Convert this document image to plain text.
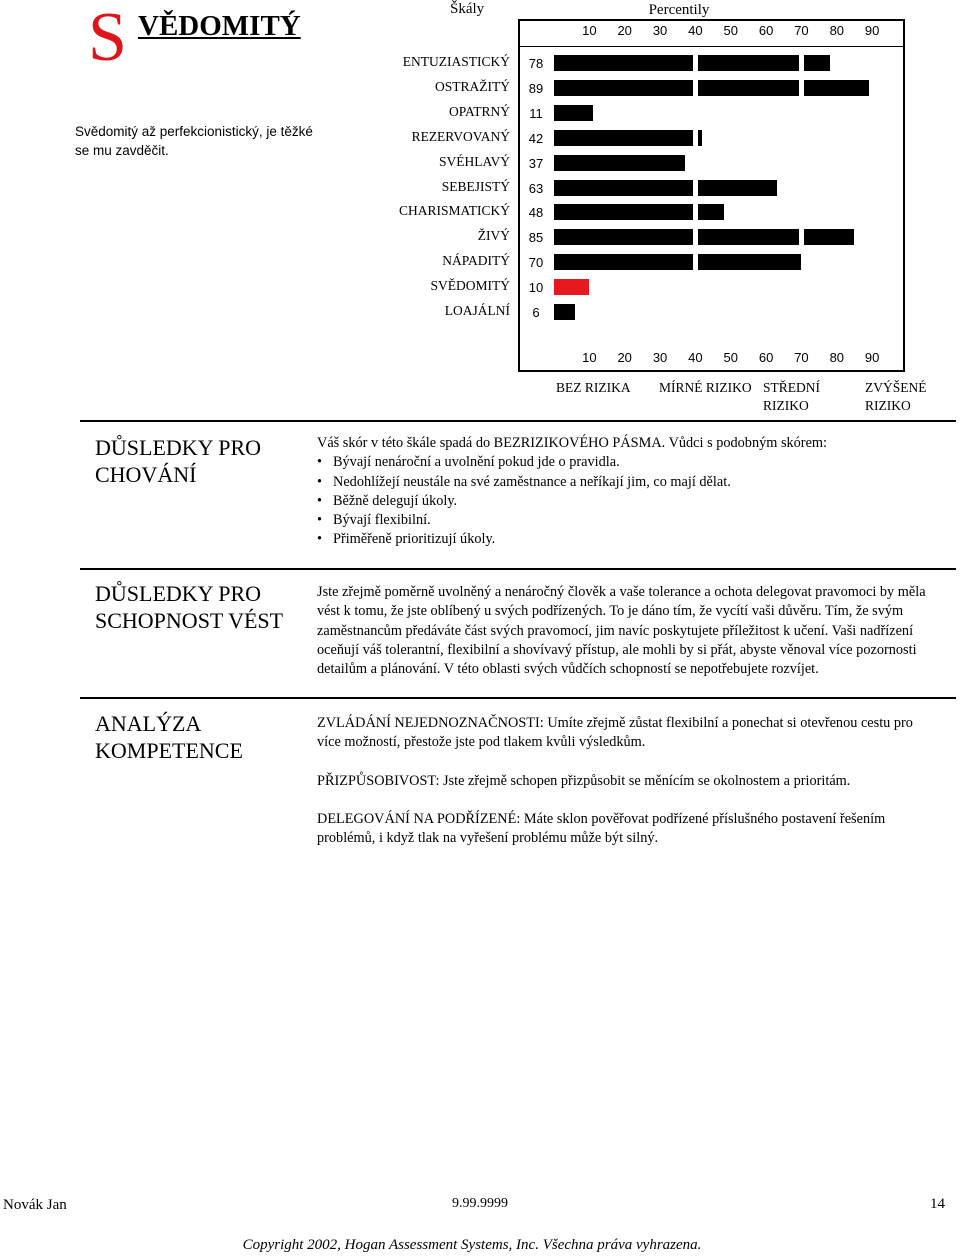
S VĚDOMITÝ
Svědomitý až perfekcionistický, je těžké se mu zavděčit.
Škály	Percentily
10	20	30	40	50	60	70	80	90
10	20	30	40	50	60	70	80	90
ENTUZIASTICKÝ	78
OSTRAŽITÝ	89
OPATRNÝ	11
REZERVOVANÝ	42
SVÉHLAVÝ	37
SEBEJISTÝ	63
CHARISMATICKÝ	48
ŽIVÝ	85
NÁPADITÝ	70
SVĚDOMITÝ	10
LOAJÁLNÍ	6
BEZ RIZIKA	MÍRNÉ RIZIKO STŘEDNÍ RIZIKO
ZVÝŠENÉ RIZIKO
DŮSLEDKY PRO
CHOVÁNÍ

Váš skór v této škále spadá do BEZRIZIKOVÉHO PÁSMA. Vůdci s podobným skórem:

• Bývají nenároční a uvolnění pokud jde o pravidla.
• Nedohlížejí neustále na své zaměstnance a neříkají jim, co mají dělat.
• Běžně delegují úkoly.
• Bývají flexibilní.
• Přiměřeně prioritizují úkoly.
DŮSLEDKY PRO
SCHOPNOST VÉST

Jste zřejmě poměrně uvolněný a nenáročný člověk a vaše tolerance a ochota delegovat pravomoci by měla vést k tomu, že jste oblíbený u svých podřízených. To je dáno tím, že vycítí vaši důvěru. Tím, že svým zaměstnancům předáváte část svých pravomocí, jim navíc poskytujete příležitost k učení. Vaši nadřízení oceňují váš tolerantní, flexibilní a shovívavý přístup, ale mohli by si přát, abyste věnoval více pozornosti detailům a plánování. V této oblasti svých vůdčích schopností se nepotřebujete rozvíjet.

ANALÝZA
KOMPETENCE
ZVLÁDÁNÍ NEJEDNOZNAČNOSTI: Umíte zřejmě zůstat flexibilní a ponechat si otevřenou cestu pro více možností, přestože jste pod tlakem kvůli výsledkům.
PŘIZPŮSOBIVOST: Jste zřejmě schopen přizpůsobit se měnícím se okolnostem a prioritám.
DELEGOVÁNÍ NA PODŘÍZENÉ: Máte sklon pověřovat podřízené příslušného postavení řešením problémů, i když tlak na vyřešení problému může být silný.
Novák Jan	9.99.9999	14
Copyright 2002, Hogan Assessment Systems, Inc. Všechna práva vyhrazena.
